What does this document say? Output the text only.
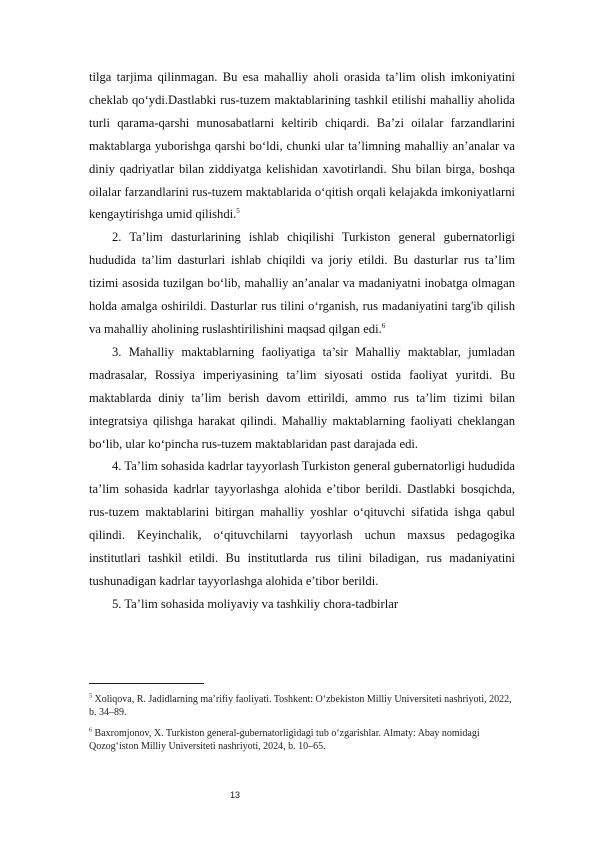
tilga tarjima qilinmagan. Bu esa mahalliy aholi orasida ta’lim olish imkoniyatini cheklab qo‘ydi.Dastlabki rus-tuzem maktablarining tashkil etilishi mahalliy aholida turli qarama-qarshi munosabatlarni keltirib chiqardi. Ba’zi oilalar farzandlarini maktablarga yuborishga qarshi bo‘ldi, chunki ular ta’limning mahalliy an’analar va diniy qadriyatlar bilan ziddiyatga kelishidan xavotirlandi. Shu bilan birga, boshqa oilalar farzandlarini rus-tuzem maktablarida o‘qitish orqali kelajakda imkoniyatlarni kengaytirishga umid qilishdi.$^5$

2. Ta’lim dasturlarining ishlab chiqilishi Turkiston general gubernatorligi hududida ta’lim dasturlari ishlab chiqildi va joriy etildi. Bu dasturlar rus ta’lim tizimi asosida tuzilgan bo‘lib, mahalliy an’analar va madaniyatni inobatga olmagan holda amalga oshirildi. Dasturlar rus tilini o‘rganish, rus madaniyatini targ'ib qilish va mahalliy aholining ruslashtirilishini maqsad qilgan edi.$^6$

3. Mahalliy maktablarning faoliyatiga ta’sir Mahalliy maktablar, jumladan madrasalar, Rossiya imperiyasining ta’lim siyosati ostida faoliyat yuritdi. Bu maktablarda diniy ta’lim berish davom ettirildi, ammo rus ta’lim tizimi bilan integratsiya qilishga harakat qilindi. Mahalliy maktablarning faoliyati cheklangan bo‘lib, ular ko‘pincha rus-tuzem maktablaridan past darajada edi.

4. Ta’lim sohasida kadrlar tayyorlash Turkiston general gubernatorligi hududida ta’lim sohasida kadrlar tayyorlashga alohida e’tibor berildi. Dastlabki bosqichda, rus-tuzem maktablarini bitirgan mahalliy yoshlar o‘qituvchi sifatida ishga qabul qilindi. Keyinchalik, o‘qituvchilarni tayyorlash uchun maxsus pedagogika institutlari tashkil etildi. Bu institutlarda rus tilini biladigan, rus madaniyatini tushunadigan kadrlar tayyorlashga alohida e’tibor berildi.

5. Ta’lim sohasida moliyaviy va tashkiliy chora-tadbirlar

$^5$ Xoliqova, R. Jadidlarning ma’rifiy faoliyati. Toshkent: O‘zbekiston Milliy Universiteti nashriyoti, 2022, b. 34–89.

$^6$ Baxromjonov, X. Turkiston general-gubernatorligidagi tub o‘zgarishlar. Almaty: Abay nomidagi Qozog‘iston Milliy Universiteti nashriyoti, 2024, b. 10–65.

13
